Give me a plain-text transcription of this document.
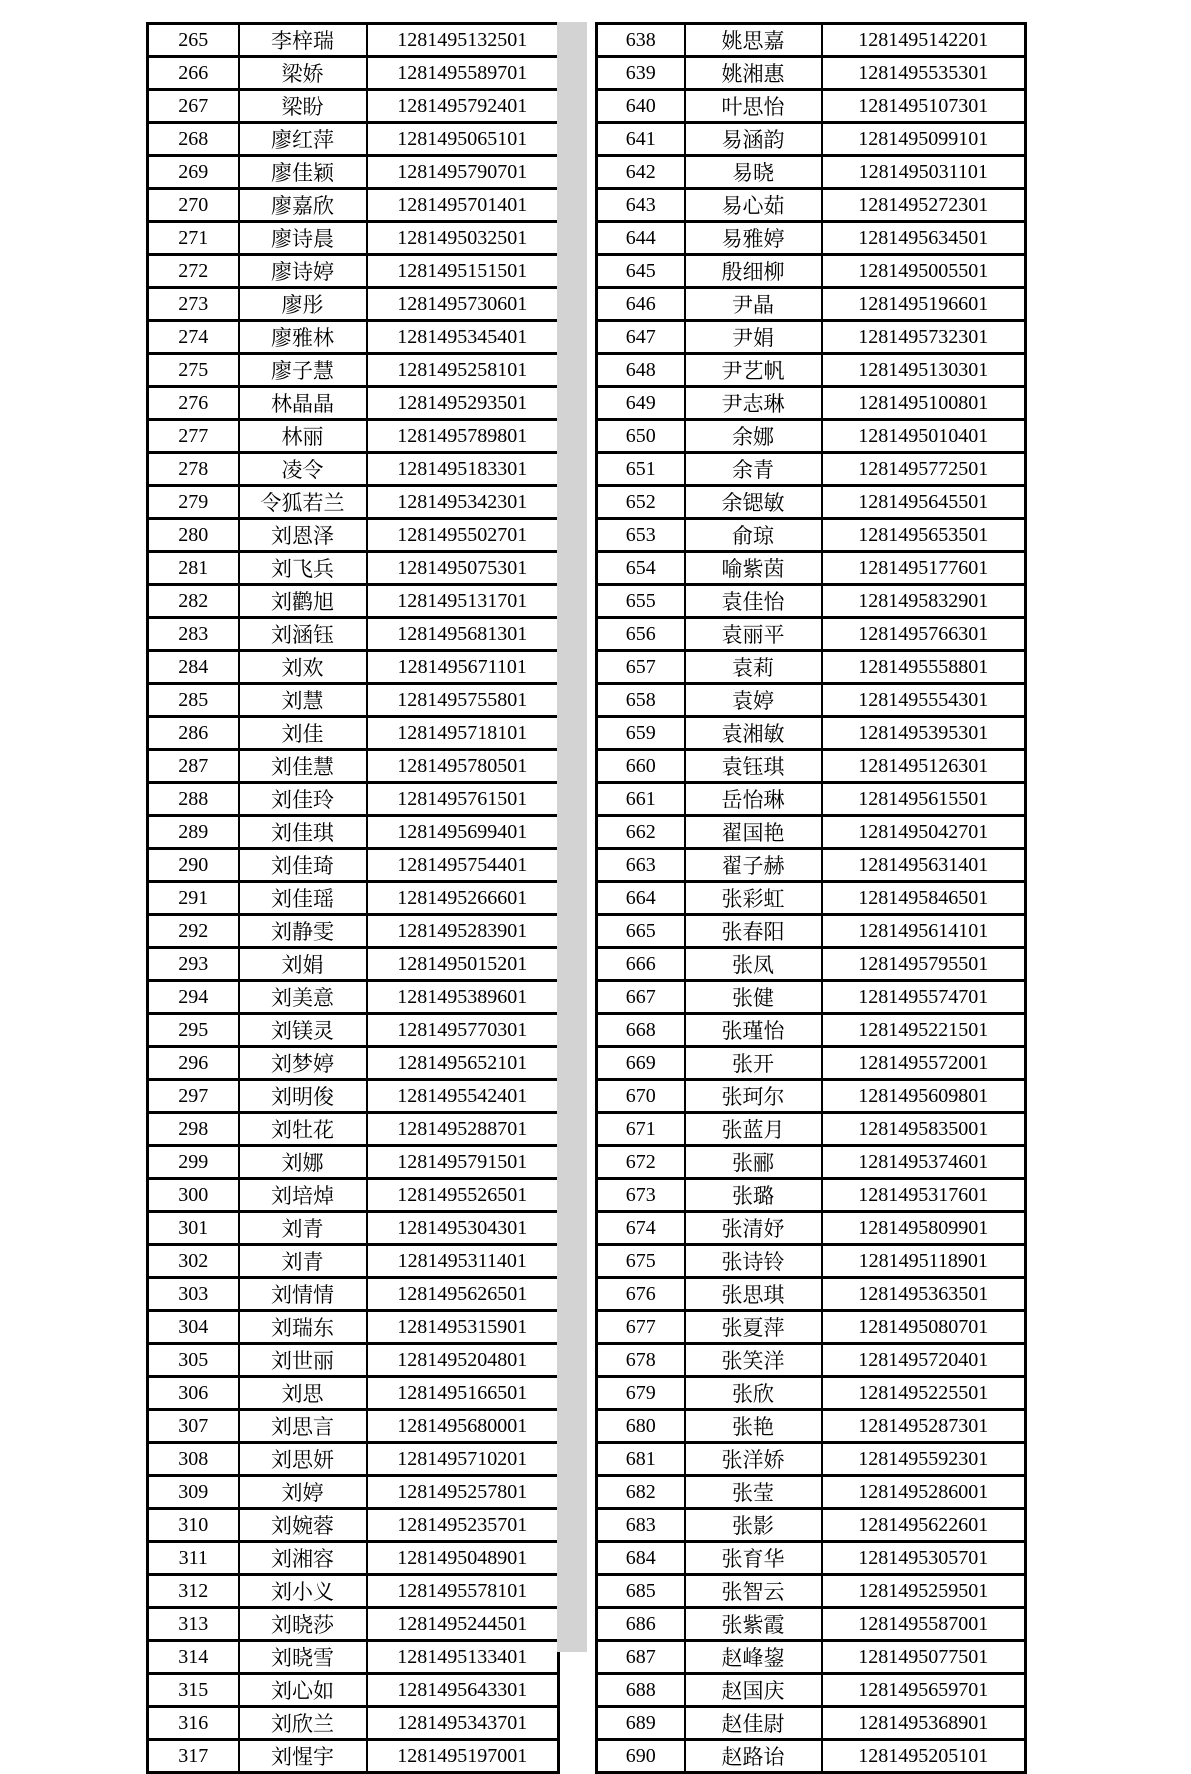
265	李梓瑞	1281495132501
266	梁娇	1281495589701
267	梁盼	1281495792401
268	廖红萍	1281495065101
269	廖佳颖	1281495790701
270	廖嘉欣	1281495701401
271	廖诗晨	1281495032501
272	廖诗婷	1281495151501
273	廖彤	1281495730601
274	廖雅林	1281495345401
275	廖子慧	1281495258101
276	林晶晶	1281495293501
277	林丽	1281495789801
278	凌令	1281495183301
279	令狐若兰	1281495342301
280	刘恩泽	1281495502701
281	刘飞兵	1281495075301
282	刘鹳旭	1281495131701
283	刘涵钰	1281495681301
284	刘欢	1281495671101
285	刘慧	1281495755801
286	刘佳	1281495718101
287	刘佳慧	1281495780501
288	刘佳玲	1281495761501
289	刘佳琪	1281495699401
290	刘佳琦	1281495754401
291	刘佳瑶	1281495266601
292	刘静雯	1281495283901
293	刘娟	1281495015201
294	刘美意	1281495389601
295	刘镁灵	1281495770301
296	刘梦婷	1281495652101
297	刘明俊	1281495542401
298	刘牡花	1281495288701
299	刘娜	1281495791501
300	刘培焯	1281495526501
301	刘青	1281495304301
302	刘青	1281495311401
303	刘情情	1281495626501
304	刘瑞东	1281495315901
305	刘世丽	1281495204801
306	刘思	1281495166501
307	刘思言	1281495680001
308	刘思妍	1281495710201
309	刘婷	1281495257801
310	刘婉蓉	1281495235701
311	刘湘容	1281495048901
312	刘小义	1281495578101
313	刘晓莎	1281495244501
314	刘晓雪	1281495133401
315	刘心如	1281495643301
316	刘欣兰	1281495343701
317	刘惺宇	1281495197001
638	姚思嘉	1281495142201
639	姚湘惠	1281495535301
640	叶思怡	1281495107301
641	易涵韵	1281495099101
642	易晓	1281495031101
643	易心茹	1281495272301
644	易雅婷	1281495634501
645	殷细柳	1281495005501
646	尹晶	1281495196601
647	尹娟	1281495732301
648	尹艺帆	1281495130301
649	尹志琳	1281495100801
650	余娜	1281495010401
651	余青	1281495772501
652	余锶敏	1281495645501
653	俞琼	1281495653501
654	喻紫茵	1281495177601
655	袁佳怡	1281495832901
656	袁丽平	1281495766301
657	袁莉	1281495558801
658	袁婷	1281495554301
659	袁湘敏	1281495395301
660	袁钰琪	1281495126301
661	岳怡琳	1281495615501
662	翟国艳	1281495042701
663	翟子赫	1281495631401
664	张彩虹	1281495846501
665	张春阳	1281495614101
666	张凤	1281495795501
667	张健	1281495574701
668	张瑾怡	1281495221501
669	张开	1281495572001
670	张珂尔	1281495609801
671	张蓝月	1281495835001
672	张郦	1281495374601
673	张璐	1281495317601
674	张清妤	1281495809901
675	张诗铃	1281495118901
676	张思琪	1281495363501
677	张夏萍	1281495080701
678	张笑洋	1281495720401
679	张欣	1281495225501
680	张艳	1281495287301
681	张洋娇	1281495592301
682	张莹	1281495286001
683	张影	1281495622601
684	张育华	1281495305701
685	张智云	1281495259501
686	张紫霞	1281495587001
687	赵峰鋆	1281495077501
688	赵国庆	1281495659701
689	赵佳尉	1281495368901
690	赵路诒	1281495205101
